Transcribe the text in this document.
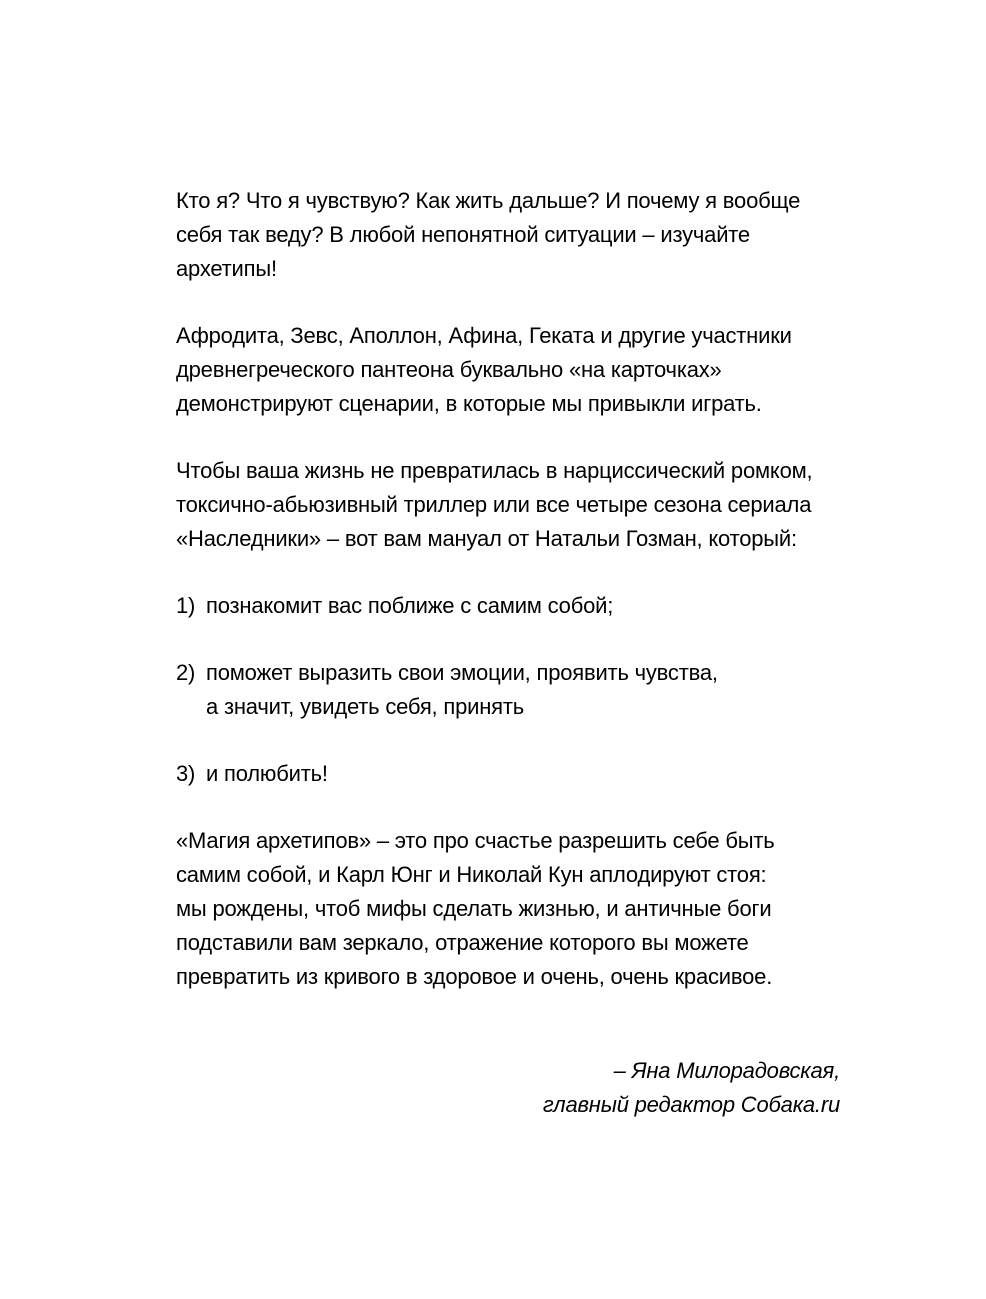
Кто я? Что я чувствую? Как жить дальше? И почему я вообще
себя так веду? В любой непонятной ситуации – изучайте
архетипы!

Афродита, Зевс, Аполлон, Афина, Геката и другие участники
древнегреческого пантеона буквально «на карточках»
демонстрируют сценарии, в которые мы привыкли играть.

Чтобы ваша жизнь не превратилась в нарциссический ромком,
токсично-абьюзивный триллер или все четыре сезона сериала
«Наследники» – вот вам мануал от Натальи Гозман, который:

1) познакомит вас поближе с самим собой;
2) поможет выразить свои эмоции, проявить чувства,
а значит, увидеть себя, принять
3) и полюбить!

«Магия архетипов» – это про счастье разрешить себе быть
самим собой, и Карл Юнг и Николай Кун аплодируют стоя:
мы рождены, чтоб мифы сделать жизнью, и античные боги
подставили вам зеркало, отражение которого вы можете
превратить из кривого в здоровое и очень, очень красивое.

– Яна Милорадовская,
главный редактор Собака.ru
